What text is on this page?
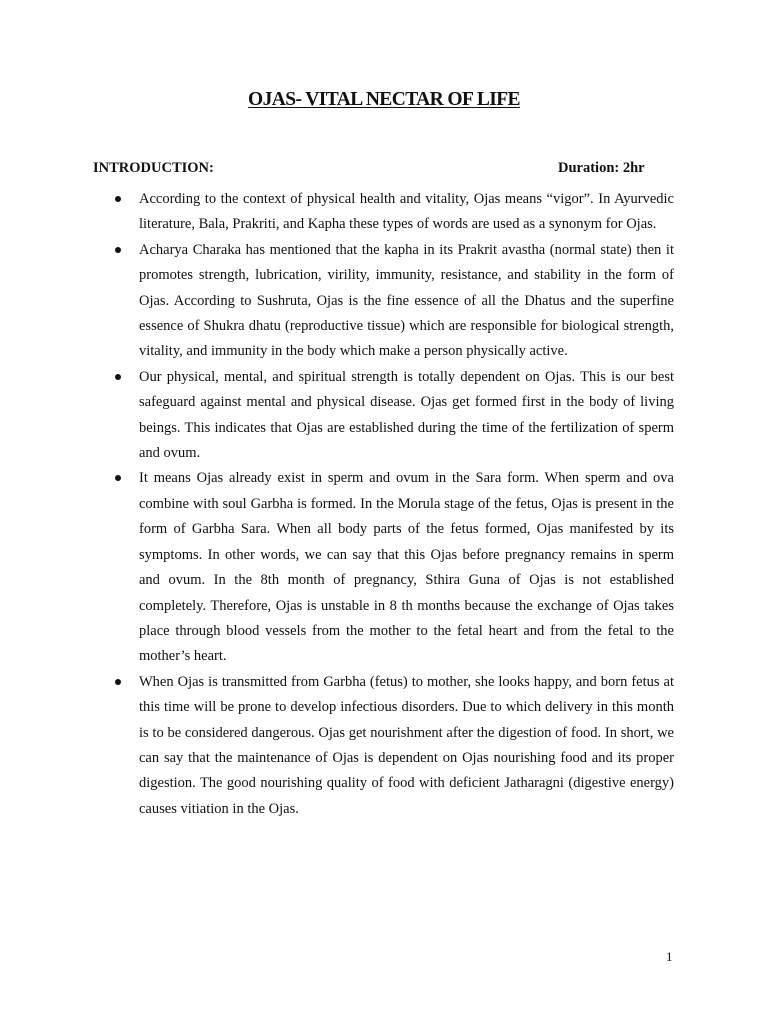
OJAS- VITAL NECTAR OF LIFE
INTRODUCTION:	Duration: 2hr
According to the context of physical health and vitality, Ojas means “vigor”. In Ayurvedic literature, Bala, Prakriti, and Kapha these types of words are used as a synonym for Ojas.
Acharya Charaka has mentioned that the kapha in its Prakrit avastha (normal state) then it promotes strength, lubrication, virility, immunity, resistance, and stability in the form of Ojas. According to Sushruta, Ojas is the fine essence of all the Dhatus and the superfine essence of Shukra dhatu (reproductive tissue) which are responsible for biological strength, vitality, and immunity in the body which make a person physically active.
Our physical, mental, and spiritual strength is totally dependent on Ojas. This is our best safeguard against mental and physical disease. Ojas get formed first in the body of living beings. This indicates that Ojas are established during the time of the fertilization of sperm and ovum.
It means Ojas already exist in sperm and ovum in the Sara form. When sperm and ova combine with soul Garbha is formed. In the Morula stage of the fetus, Ojas is present in the form of Garbha Sara. When all body parts of the fetus formed, Ojas manifested by its symptoms. In other words, we can say that this Ojas before pregnancy remains in sperm and ovum. In the 8th month of pregnancy, Sthira Guna of Ojas is not established completely. Therefore, Ojas is unstable in 8 th months because the exchange of Ojas takes place through blood vessels from the mother to the fetal heart and from the fetal to the mother’s heart.
When Ojas is transmitted from Garbha (fetus) to mother, she looks happy, and born fetus at this time will be prone to develop infectious disorders. Due to which delivery in this month is to be considered dangerous. Ojas get nourishment after the digestion of food. In short, we can say that the maintenance of Ojas is dependent on Ojas nourishing food and its proper digestion. The good nourishing quality of food with deficient Jatharagni (digestive energy) causes vitiation in the Ojas.
1
